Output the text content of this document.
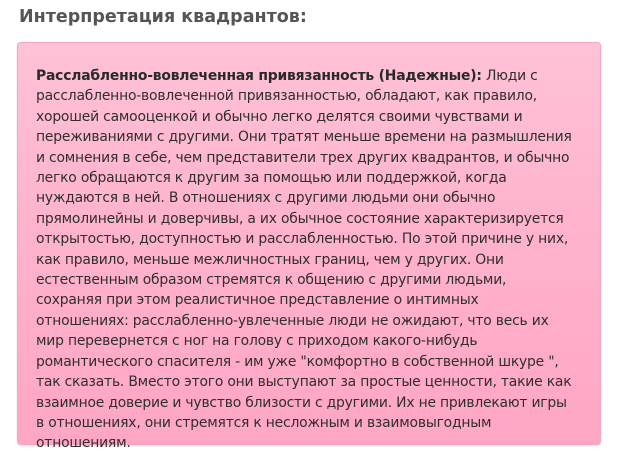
Интерпретация квадрантов:

Расслабленно-вовлеченная привязанность (Надежные): Люди с расслабленно-вовлеченной привязанностью, обладают, как правило, хорошей самооценкой и обычно легко делятся своими чувствами и переживаниями с другими. Они тратят меньше времени на размышления и сомнения в себе, чем представители трех других квадрантов, и обычно легко обращаются к другим за помощью или поддержкой, когда нуждаются в ней. В отношениях с другими людьми они обычно прямолинейны и доверчивы, а их обычное состояние характеризируется открытостью, доступностью и расслабленностью. По этой причине у них, как правило, меньше межличностных границ, чем у других. Они естественным образом стремятся к общению с другими людьми, сохраняя при этом реалистичное представление о интимных отношениях: расслабленно-увлеченные люди не ожидают, что весь их мир перевернется с ног на голову с приходом какого-нибудь романтического спасителя - им уже "комфортно в собственной шкуре ", так сказать. Вместо этого они выступают за простые ценности, такие как взаимное доверие и чувство близости с другими. Их не привлекают игры в отношениях, они стремятся к несложным и взаимовыгодным отношениям.
